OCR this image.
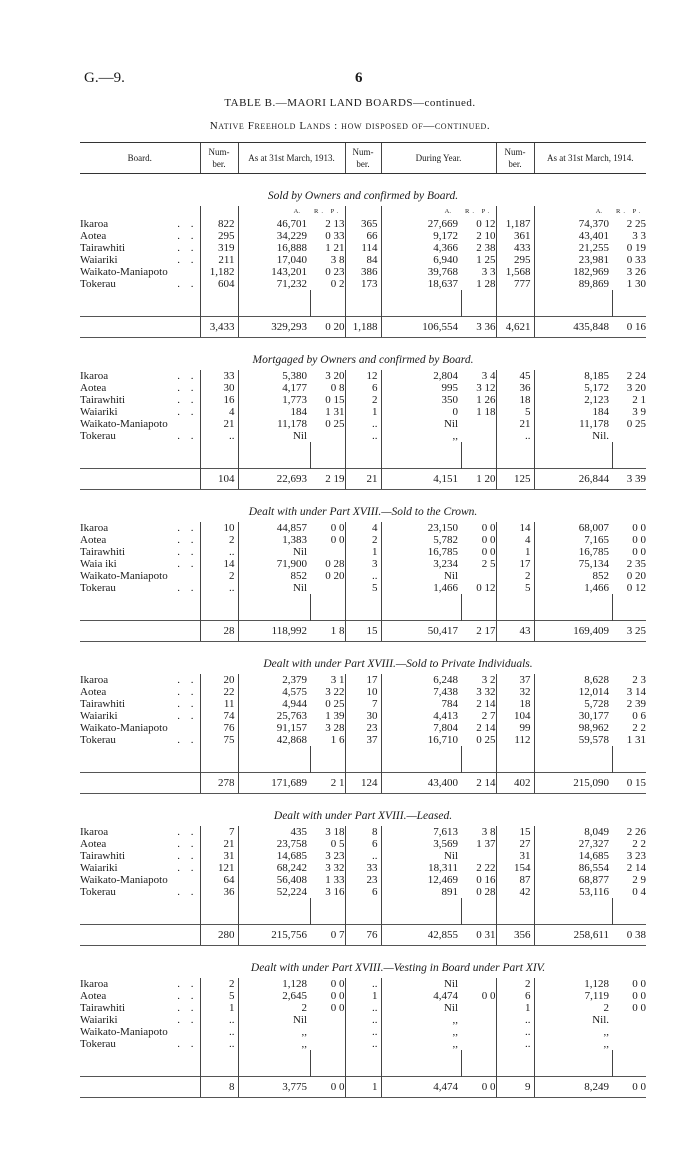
G.—9.	6
TABLE B.—MAORI LAND BOARDS—continued.
Native Freehold Lands : how disposed of—continued.
Board.	Num-
ber.	As at 31st March, 1913.		Num-
ber.	During Year.		Num-
ber.	As at 31st March, 1914.	
Sold by Owners and confirmed by Board.									
		A.	R. P.		A.	R. P.		A.	R. P.
Ikaroa . .	822	46,701	2 13	365	27,669	0 12	1,187	74,370	2 25
Aotea . .	295	34,229	0 33	66	9,172	2 10	361	43,401	3 3
Tairawhiti . .	319	16,888	1 21	114	4,366	2 38	433	21,255	0 19
Waiariki . .	211	17,040	3 8	84	6,940	1 25	295	23,981	0 33
Waikato-Maniapoto	1,182	143,201	0 23	386	39,768	3 3	1,568	182,969	3 26
Tokerau . .	604	71,232	0 2	173	18,637	1 28	777	89,869	1 30

	3,433	329,293	0 20	1,188	106,554	3 36	4,621	435,848	0 16
Mortgaged by Owners and confirmed by Board.									
Ikaroa . .	33	5,380	3 20	12	2,804	3 4	45	8,185	2 24
Aotea . .	30	4,177	0 8	6	995	3 12	36	5,172	3 20
Tairawhiti . .	16	1,773	0 15	2	350	1 26	18	2,123	2 1
Waiariki . .	4	184	1 31	1	0	1 18	5	184	3 9
Waikato-Maniapoto	21	11,178	0 25	..	Nil		21	11,178	0 25
Tokerau . .	..	Nil		..	,,		..	Nil.	

	104	22,693	2 19	21	4,151	1 20	125	26,844	3 39
Dealt with under Part XVIII.—Sold to the Crown.									
Ikaroa . .	10	44,857	0 0	4	23,150	0 0	14	68,007	0 0
Aotea . .	2	1,383	0 0	2	5,782	0 0	4	7,165	0 0
Tairawhiti . .	..	Nil		1	16,785	0 0	1	16,785	0 0
Waia iki . .	14	71,900	0 28	3	3,234	2 5	17	75,134	2 35
Waikato-Maniapoto	2	852	0 20	..	Nil		2	852	0 20
Tokerau . .	..	Nil		5	1,466	0 12	5	1,466	0 12

	28	118,992	1 8	15	50,417	2 17	43	169,409	3 25
Dealt with under Part XVIII.—Sold to Private Individuals.									
Ikaroa . .	20	2,379	3 1	17	6,248	3 2	37	8,628	2 3
Aotea . .	22	4,575	3 22	10	7,438	3 32	32	12,014	3 14
Tairawhiti . .	11	4,944	0 25	7	784	2 14	18	5,728	2 39
Waiariki . .	74	25,763	1 39	30	4,413	2 7	104	30,177	0 6
Waikato-Maniapoto	76	91,157	3 28	23	7,804	2 14	99	98,962	2 2
Tokerau . .	75	42,868	1 6	37	16,710	0 25	112	59,578	1 31

	278	171,689	2 1	124	43,400	2 14	402	215,090	0 15
Dealt with under Part XVIII.—Leased.									
Ikaroa . .	7	435	3 18	8	7,613	3 8	15	8,049	2 26
Aotea . .	21	23,758	0 5	6	3,569	1 37	27	27,327	2 2
Tairawhiti . .	31	14,685	3 23	..	Nil		31	14,685	3 23
Waiariki . .	121	68,242	3 32	33	18,311	2 22	154	86,554	2 14
Waikato-Maniapoto	64	56,408	1 33	23	12,469	0 16	87	68,877	2 9
Tokerau . .	36	52,224	3 16	6	891	0 28	42	53,116	0 4

	280	215,756	0 7	76	42,855	0 31	356	258,611	0 38
Dealt with under Part XVIII.—Vesting in Board under Part XIV.									
Ikaroa . .	2	1,128	0 0	..	Nil		2	1,128	0 0
Aotea . .	5	2,645	0 0	1	4,474	0 0	6	7,119	0 0
Tairawhiti . .	1	2	0 0	..	Nil		1	2	0 0
Waiariki . .	..	Nil		..	,,		..	Nil.	
Waikato-Maniapoto	..	,,		..	,,		..	,,	
Tokerau . .	..	,,		..	,,		..	,,	

	8	3,775	0 0	1	4,474	0 0	9	8,249	0 0
